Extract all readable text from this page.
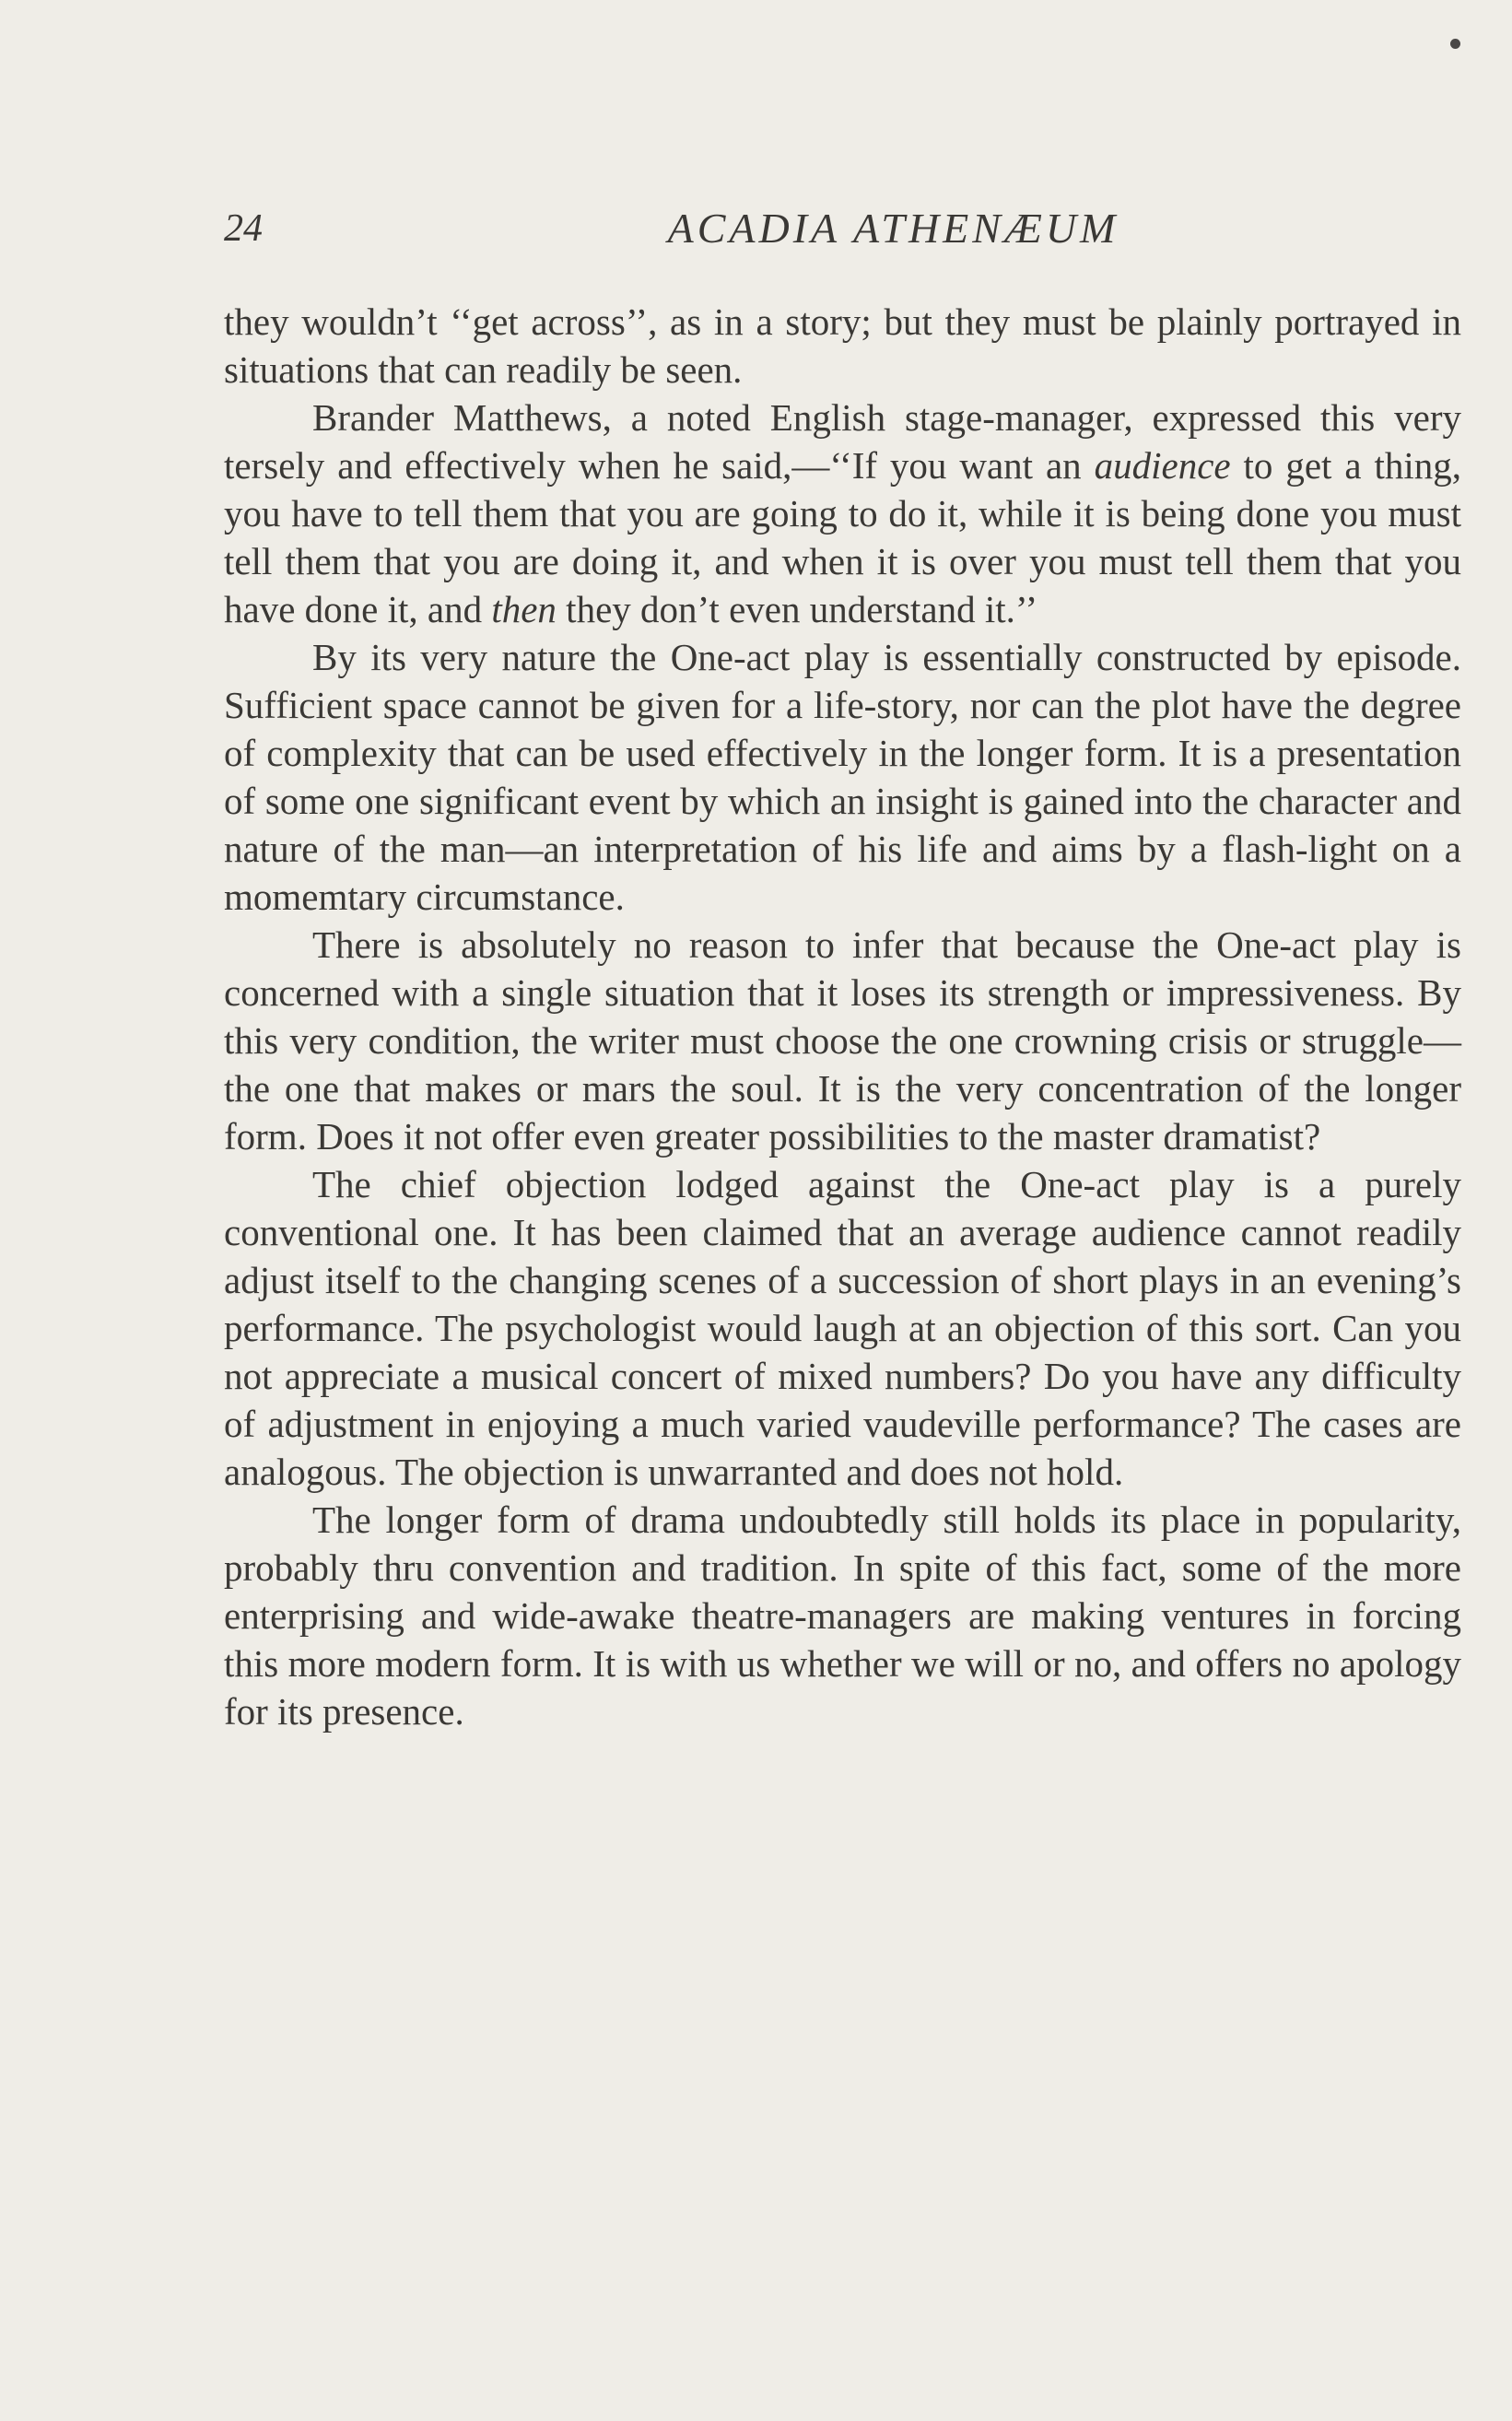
24	ACADIA ATHENÆUM

they wouldn’t ‘‘get across’’, as in a story; but they must be plainly portrayed in situations that can readily be seen.

Brander Matthews, a noted English stage-manager, expressed this very tersely and effectively when he said,—‘‘If you want an audience to get a thing, you have to tell them that you are going to do it, while it is being done you must tell them that you are doing it, and when it is over you must tell them that you have done it, and then they don’t even understand it.’’

By its very nature the One-act play is essentially constructed by episode. Sufficient space cannot be given for a life-story, nor can the plot have the degree of complexity that can be used effectively in the longer form. It is a presentation of some one significant event by which an insight is gained into the character and nature of the man—an interpretation of his life and aims by a flash-light on a momemtary circumstance.

There is absolutely no reason to infer that because the One-act play is concerned with a single situation that it loses its strength or impressiveness. By this very condition, the writer must choose the one crowning crisis or struggle—the one that makes or mars the soul. It is the very concentration of the longer form. Does it not offer even greater possibilities to the master dramatist?

The chief objection lodged against the One-act play is a purely conventional one. It has been claimed that an average audience cannot readily adjust itself to the changing scenes of a succession of short plays in an evening’s performance. The psychologist would laugh at an objection of this sort. Can you not appreciate a musical concert of mixed numbers? Do you have any difficulty of adjustment in enjoying a much varied vaudeville performance? The cases are analogous. The objection is unwarranted and does not hold.

The longer form of drama undoubtedly still holds its place in popularity, probably thru convention and tradition. In spite of this fact, some of the more enterprising and wide-awake theatre-managers are making ventures in forcing this more modern form. It is with us whether we will or no, and offers no apology for its presence.
